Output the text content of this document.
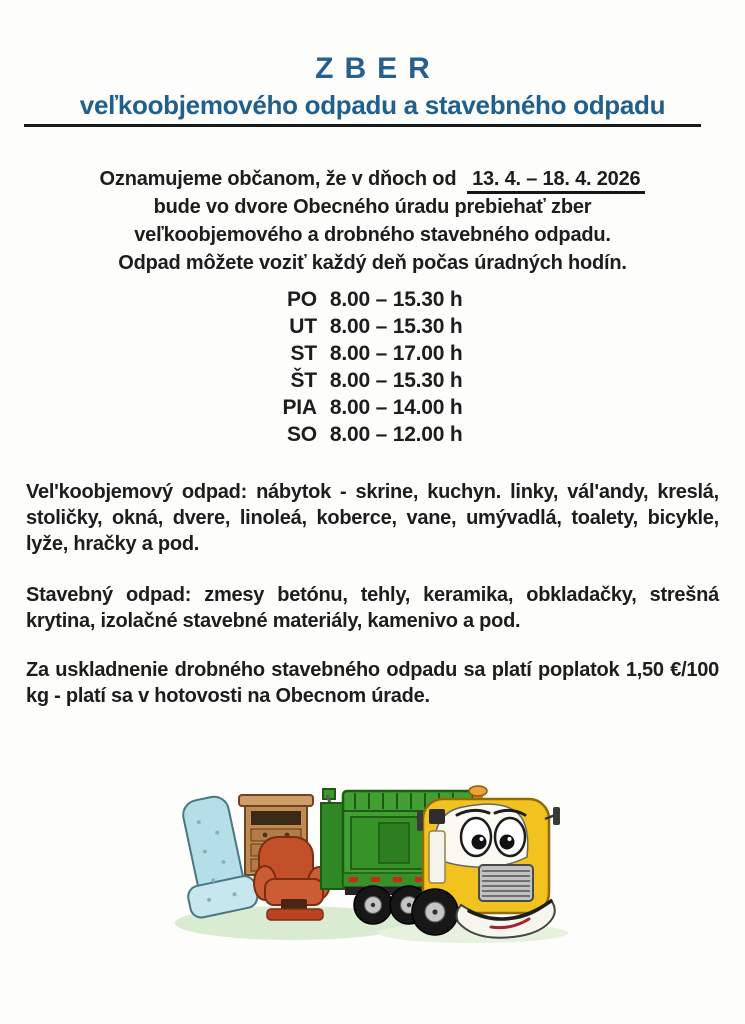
ZBER
veľkoobjemového odpadu a stavebného odpadu
Oznamujeme občanom, že v dňoch od 13. 4. – 18. 4. 2026
bude vo dvore Obecného úradu prebiehať zber
veľkoobjemového a drobného stavebného odpadu.
Odpad môžete voziť každý deň počas úradných hodín.
PO	8.00 – 15.30 h
UT	8.00 – 15.30 h
ST	8.00 – 17.00 h
ŠT	8.00 – 15.30 h
PIA	8.00 – 14.00 h
SO	8.00 – 12.00 h

Vel'koobjemový odpad: nábytok - skrine, kuchyn. linky, vál'andy, kreslá, stoličky, okná, dvere, linoleá, koberce, vane, umývadlá, toalety, bicykle, lyže, hračky a pod.

Stavebný odpad: zmesy betónu, tehly, keramika, obkladačky, strešná krytina, izolačné stavebné materiály, kamenivo a pod.

Za uskladnenie drobného stavebného odpadu sa platí poplatok 1,50 €/100 kg - platí sa v hotovosti na Obecnom úrade.
